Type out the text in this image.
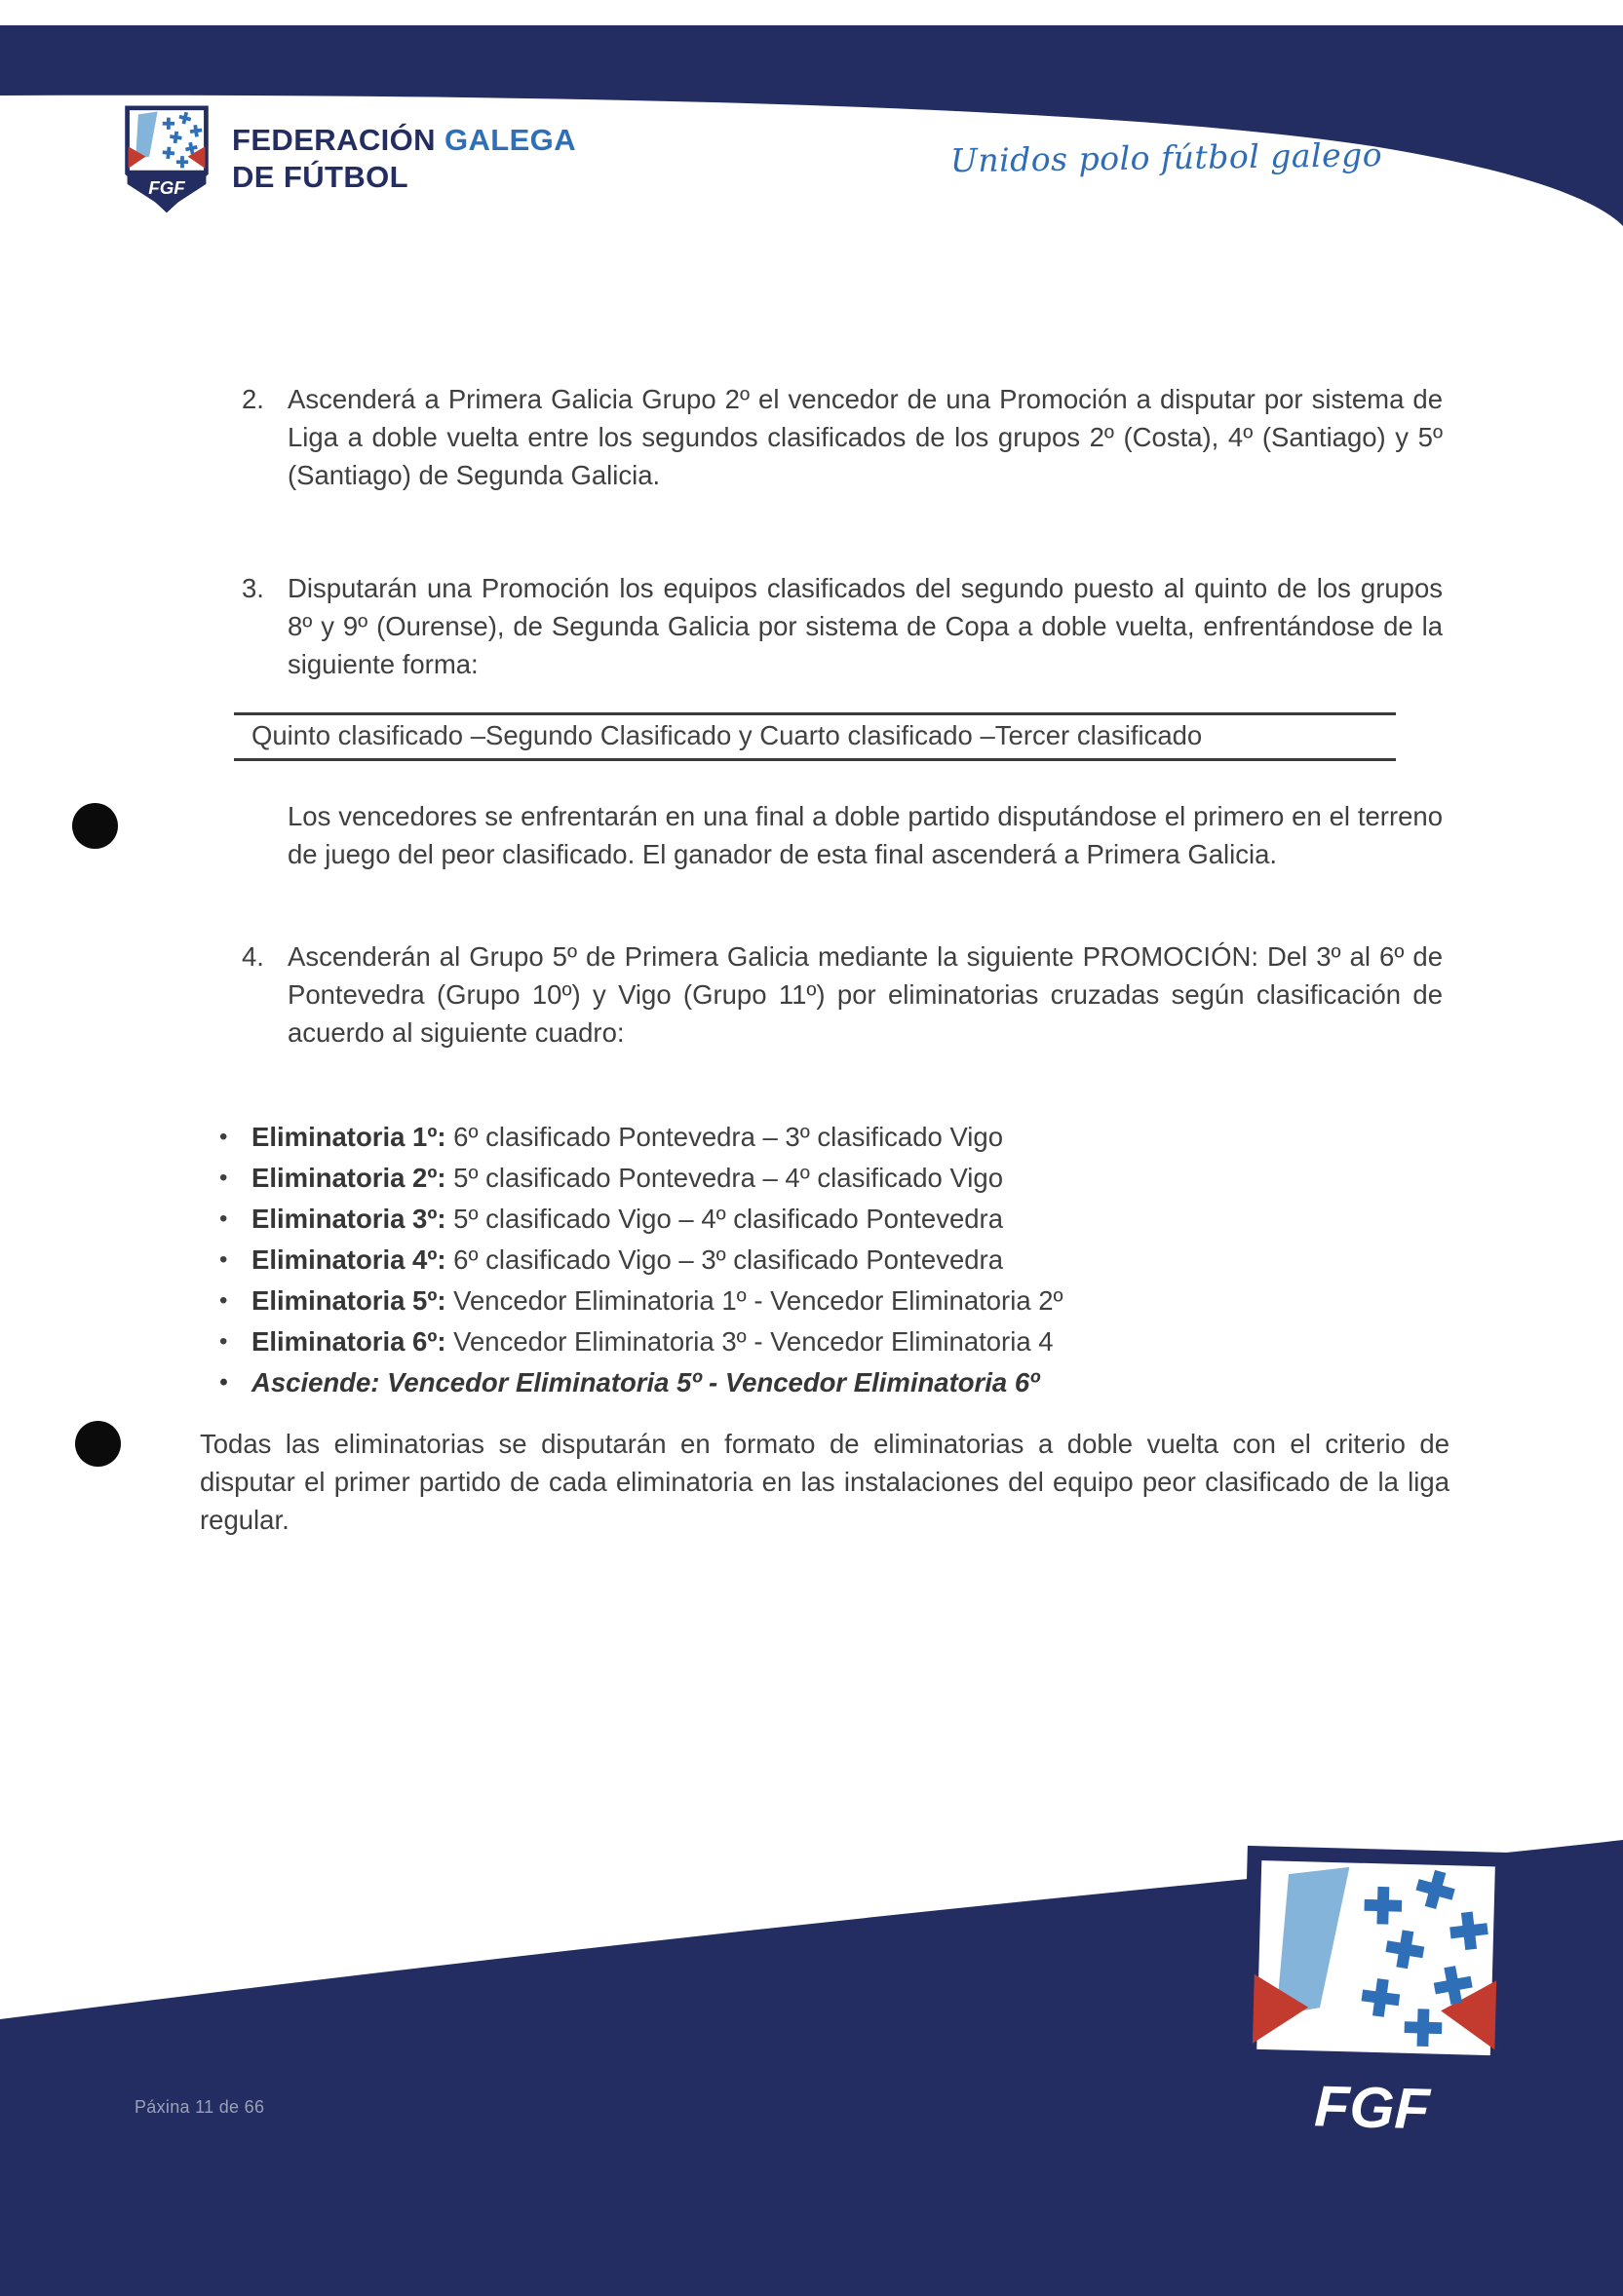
FEDERACIÓN GALEGA
DE FÚTBOL	Unidos polo fútbol galego
2. Ascenderá a Primera Galicia Grupo 2º el vencedor de una Promoción a disputar por sistema de Liga a doble vuelta entre los segundos clasificados de los grupos 2º (Costa), 4º (Santiago) y 5º (Santiago) de Segunda Galicia.
3. Disputarán una Promoción los equipos clasificados del segundo puesto al quinto de los grupos 8º y 9º (Ourense), de Segunda Galicia por sistema de Copa a doble vuelta, enfrentándose de la siguiente forma:
Quinto clasificado –Segundo Clasificado y Cuarto clasificado –Tercer clasificado
Los vencedores se enfrentarán en una final a doble partido disputándose el primero en el terreno de juego del peor clasificado. El ganador de esta final ascenderá a Primera Galicia.
4. Ascenderán al Grupo 5º de Primera Galicia mediante la siguiente PROMOCIÓN: Del 3º al 6º de Pontevedra (Grupo 10º) y Vigo (Grupo 11º) por eliminatorias cruzadas según clasificación de acuerdo al siguiente cuadro:
• Eliminatoria 1º: 6º clasificado Pontevedra – 3º clasificado Vigo
• Eliminatoria 2º: 5º clasificado Pontevedra – 4º clasificado Vigo
• Eliminatoria 3º: 5º clasificado Vigo – 4º clasificado Pontevedra
• Eliminatoria 4º: 6º clasificado Vigo – 3º clasificado Pontevedra
• Eliminatoria 5º: Vencedor Eliminatoria 1º - Vencedor Eliminatoria 2º
• Eliminatoria 6º: Vencedor Eliminatoria 3º - Vencedor Eliminatoria 4
• Asciende: Vencedor Eliminatoria 5º - Vencedor Eliminatoria 6º
Todas las eliminatorias se disputarán en formato de eliminatorias a doble vuelta con el criterio de disputar el primer partido de cada eliminatoria en las instalaciones del equipo peor clasificado de la liga regular.
Páxina 11 de 66
